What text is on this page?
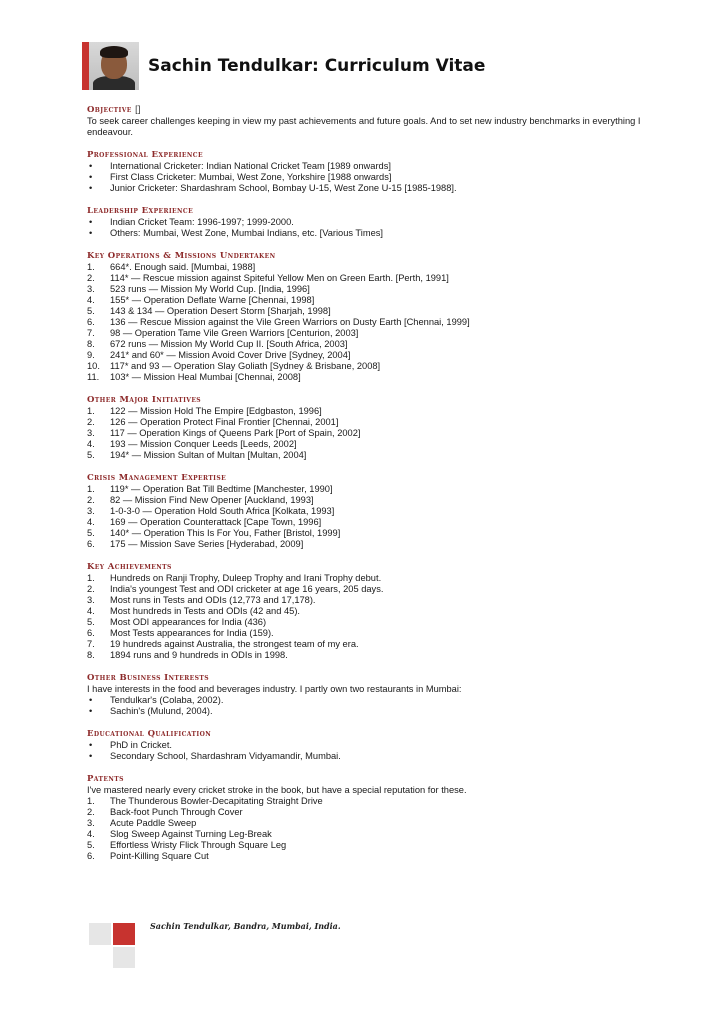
Sachin Tendulkar: Curriculum Vitae
Objective []
To seek career challenges keeping in view my past achievements and future goals. And to set new industry benchmarks in everything I endeavour.
Professional Experience
• International Cricketer: Indian National Cricket Team [1989 onwards]
• First Class Cricketer: Mumbai, West Zone, Yorkshire [1988 onwards]
• Junior Cricketer: Shardashram School, Bombay U-15, West Zone U-15 [1985-1988].
Leadership Experience
• Indian Cricket Team: 1996-1997; 1999-2000.
• Others: Mumbai, West Zone, Mumbai Indians, etc. [Various Times]
Key Operations & Missions Undertaken
1. 664*. Enough said. [Mumbai, 1988]
2. 114* — Rescue mission against Spiteful Yellow Men on Green Earth. [Perth, 1991]
3. 523 runs — Mission My World Cup. [India, 1996]
4. 155* — Operation Deflate Warne [Chennai, 1998]
5. 143 & 134 — Operation Desert Storm [Sharjah, 1998]
6. 136 — Rescue Mission against the Vile Green Warriors on Dusty Earth [Chennai, 1999]
7. 98 — Operation Tame Vile Green Warriors [Centurion, 2003]
8. 672 runs — Mission My World Cup II. [South Africa, 2003]
9. 241* and 60* — Mission Avoid Cover Drive [Sydney, 2004]
10. 117* and 93 — Operation Slay Goliath [Sydney & Brisbane, 2008]
11. 103* — Mission Heal Mumbai [Chennai, 2008]
Other Major Initiatives
1. 122 — Mission Hold The Empire [Edgbaston, 1996]
2. 126 — Operation Protect Final Frontier [Chennai, 2001]
3. 117 — Operation Kings of Queens Park [Port of Spain, 2002]
4. 193 — Mission Conquer Leeds [Leeds, 2002]
5. 194* — Mission Sultan of Multan [Multan, 2004]
Crisis Management Expertise
1. 119* — Operation Bat Till Bedtime [Manchester, 1990]
2. 82 — Mission Find New Opener [Auckland, 1993]
3. 1-0-3-0 — Operation Hold South Africa [Kolkata, 1993]
4. 169 — Operation Counterattack [Cape Town, 1996]
5. 140* — Operation This Is For You, Father [Bristol, 1999]
6. 175 — Mission Save Series [Hyderabad, 2009]
Key Achievements
1. Hundreds on Ranji Trophy, Duleep Trophy and Irani Trophy debut.
2. India's youngest Test and ODI cricketer at age 16 years, 205 days.
3. Most runs in Tests and ODIs (12,773 and 17,178).
4. Most hundreds in Tests and ODIs (42 and 45).
5. Most ODI appearances for India (436)
6. Most Tests appearances for India (159).
7. 19 hundreds against Australia, the strongest team of my era.
8. 1894 runs and 9 hundreds in ODIs in 1998.
Other Business Interests
I have interests in the food and beverages industry. I partly own two restaurants in Mumbai:
• Tendulkar's (Colaba, 2002).
• Sachin's (Mulund, 2004).
Educational Qualification
• PhD in Cricket.
• Secondary School, Shardashram Vidyamandir, Mumbai.
Patents
I've mastered nearly every cricket stroke in the book, but have a special reputation for these.
1. The Thunderous Bowler-Decapitating Straight Drive
2. Back-foot Punch Through Cover
3. Acute Paddle Sweep
4. Slog Sweep Against Turning Leg-Break
5. Effortless Wristy Flick Through Square Leg
6. Point-Killing Square Cut
Sachin Tendulkar, Bandra, Mumbai, India.
